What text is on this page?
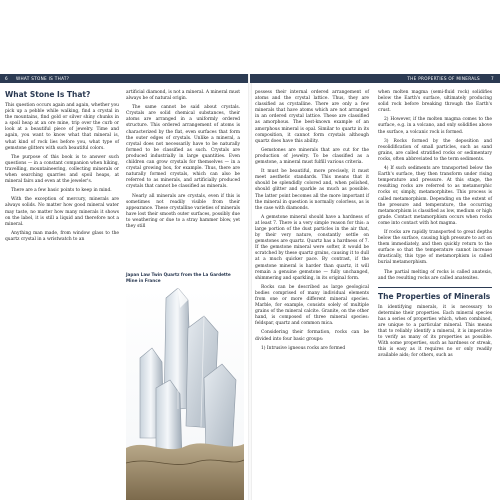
6 WHAT STONE IS THAT?
What Stone Is That?

This question occurs again and again, whether you pick up a pebble while walking, find a crystal in the mountains, find gold or silver shiny chunks in a spoil heap at an ore mine, trip over the curb or look at a beautiful piece of jewelry. Time and again, you want to know what that mineral is, what kind of rock lies before you, what type of gemstone glitters with such beautiful colors.

The purpose of this book is to answer such questions — in a constant companion when hiking, travelling, mountaineering, collecting minerals or when searching quarries and spoil heaps, at mineral fairs and even at the jeweler's.

There are a few basic points to keep in mind.

With the exception of mercury, minerals are always solids. No matter how good mineral water may taste, no matter how many minerals it shows on the label, it is still a liquid and therefore not a mineral.

Anything man made, from window glass to the quartz crystal in a wristwatch to an

artificial diamond, is not a mineral. A mineral must always be of natural origin.

The same cannot be said about crystals. Crystals are solid chemical substances, their atoms are arranged in a uniformly ordered structure. This ordered arrangement of atoms is characterized by the flat, even surfaces that form the outer edges of crystals. Unlike a mineral, a crystal does not necessarily have to be naturally formed to be classified as such. Crystals are produced industrially in large quantities. Even children can grow crystals for themselves — in a crystal growing box, for example. Thus, there are naturally formed crystals, which can also be referred to as minerals, and artificially produced crystals that cannot be classified as minerals.

Nearly all minerals are crystals, even if this is sometimes not readily visible from their appearance. These crystalline varieties of minerals have lost their smooth outer surfaces, possibly due to weathering or due to a stray hammer blow, yet they still

Japan Law Twin Quartz from the La Gardette Mine in France
THE PROPERTIES OF MINERALS	7

possess their internal ordered arrangement of atoms and the crystal lattice. Thus, they are classified as crystalline. There are only a few minerals that have atoms which are not arranged in an ordered crystal lattice. These are classified as amorphous. The best-known example of an amorphous mineral is opal. Similar to quartz in its composition, it cannot form crystals although quartz does have this ability.

Gemstones are minerals that are cut for the production of jewelry. To be classified as a gemstone, a mineral must fulfill various criteria.

It must be beautiful, more precisely, it must meet aesthetic standards. This means that it should be splendidly colored and, when polished, should glitter and sparkle as much as possible. The latter point becomes all the more important if the mineral in question is normally colorless, as is the case with diamonds.

A gemstone mineral should have a hardness of at least 7. There is a very simple reason for this: a large portion of the dust particles in the air that, by their very nature, constantly settle on gemstones are quartz. Quartz has a hardness of 7. If the gemstone mineral were softer, it would be scratched by these quartz grains, causing it to dull at a much quicker pace. By contrast, if the gemstone mineral is harder than quartz, it will remain a genuine gemstone — fully unchanged, shimmering and sparkling, in its original form.

Rocks can be described as large geological bodies comprised of many individual elements from one or more different mineral species. Marble, for example, consists solely of multiple grains of the mineral calcite. Granite, on the other hand, is composed of three mineral species: feldspar, quartz and common mica.

Considering their formation, rocks can be divided into four basic groups:

1) Intrusive igneous rocks are formed

when molten magma (semi-fluid rock) solidifies below the Earth's surface, ultimately producing solid rock before breaking through the Earth's crust.

2) However, if the molten magma comes to the surface, e.g. in a volcano, and only solidifies above the surface, a volcanic rock is formed.

3) Rocks formed by the deposition and resolidification of small particles, such as sand grains, are called stratified rocks or sedimentary rocks, often abbreviated to the term sediments.

4) If such sediments are transported below the Earth's surface, they then transform under rising temperature and pressure. At this stage, the resulting rocks are referred to as metamorphic rocks or, simply, metamorphites. This process is called metamorphism. Depending on the extent of the pressure and temperature, the occurring metamorphism is classified as low, medium or high grade. Contact metamorphism occurs when rocks come into contact with hot magma.

If rocks are rapidly transported to great depths below the surface, causing high pressure to act on them immediately, and then quickly return to the surface so that the temperature cannot increase drastically, this type of metamorphism is called burial metamorphism.

The partial melting of rocks is called anatexis, and the resulting rocks are called anatexites.

The Properties of Minerals

In identifying minerals, it is necessary to determine their properties. Each mineral species has a series of properties which, when combined, are unique to a particular mineral. This means that to reliably identify a mineral, it is imperative to verify as many of its properties as possible. With some properties, such as hardness or streak, this is easy as it requires no or only readily available aids; for others, such as
